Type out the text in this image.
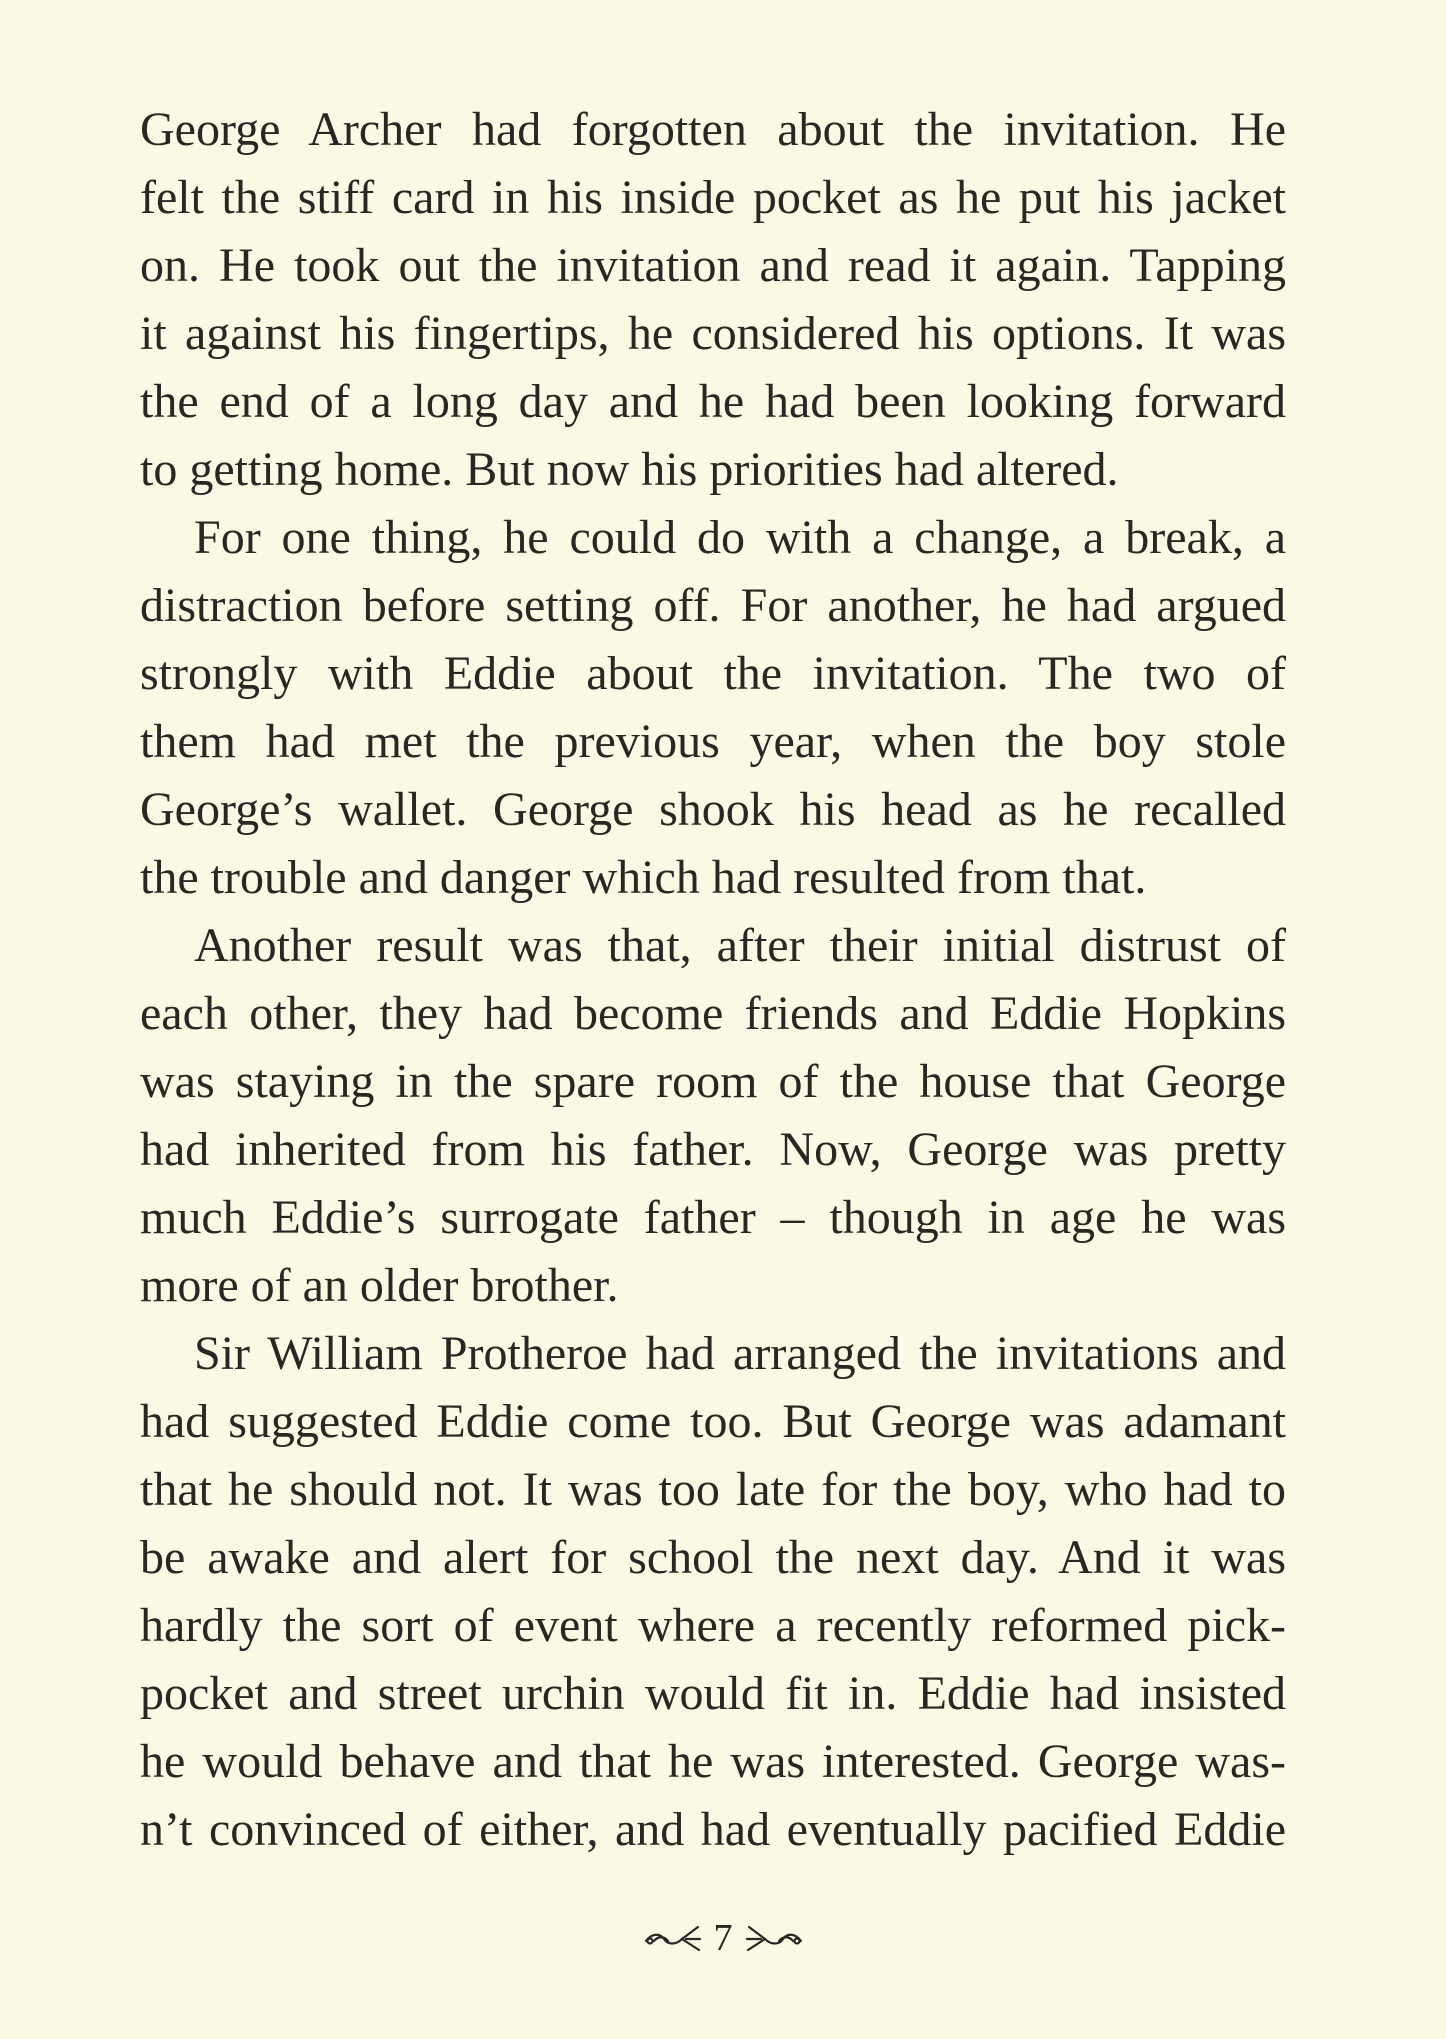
George Archer had forgotten about the invitation. He
felt the stiff card in his inside pocket as he put his jacket
on. He took out the invitation and read it again. Tapping
it against his fingertips, he considered his options. It was
the end of a long day and he had been looking forward
to getting home. But now his priorities had altered.
For one thing, he could do with a change, a break, a
distraction before setting off. For another, he had argued
strongly with Eddie about the invitation. The two of
them had met the previous year, when the boy stole
George’s wallet. George shook his head as he recalled
the trouble and danger which had resulted from that.
Another result was that, after their initial distrust of
each other, they had become friends and Eddie Hopkins
was staying in the spare room of the house that George
had inherited from his father. Now, George was pretty
much Eddie’s surrogate father – though in age he was
more of an older brother.
Sir William Protheroe had arranged the invitations and
had suggested Eddie come too. But George was adamant
that he should not. It was too late for the boy, who had to
be awake and alert for school the next day. And it was
hardly the sort of event where a recently reformed pick-
pocket and street urchin would fit in. Eddie had insisted
he would behave and that he was interested. George was-
n’t convinced of either, and had eventually pacified Eddie
7
